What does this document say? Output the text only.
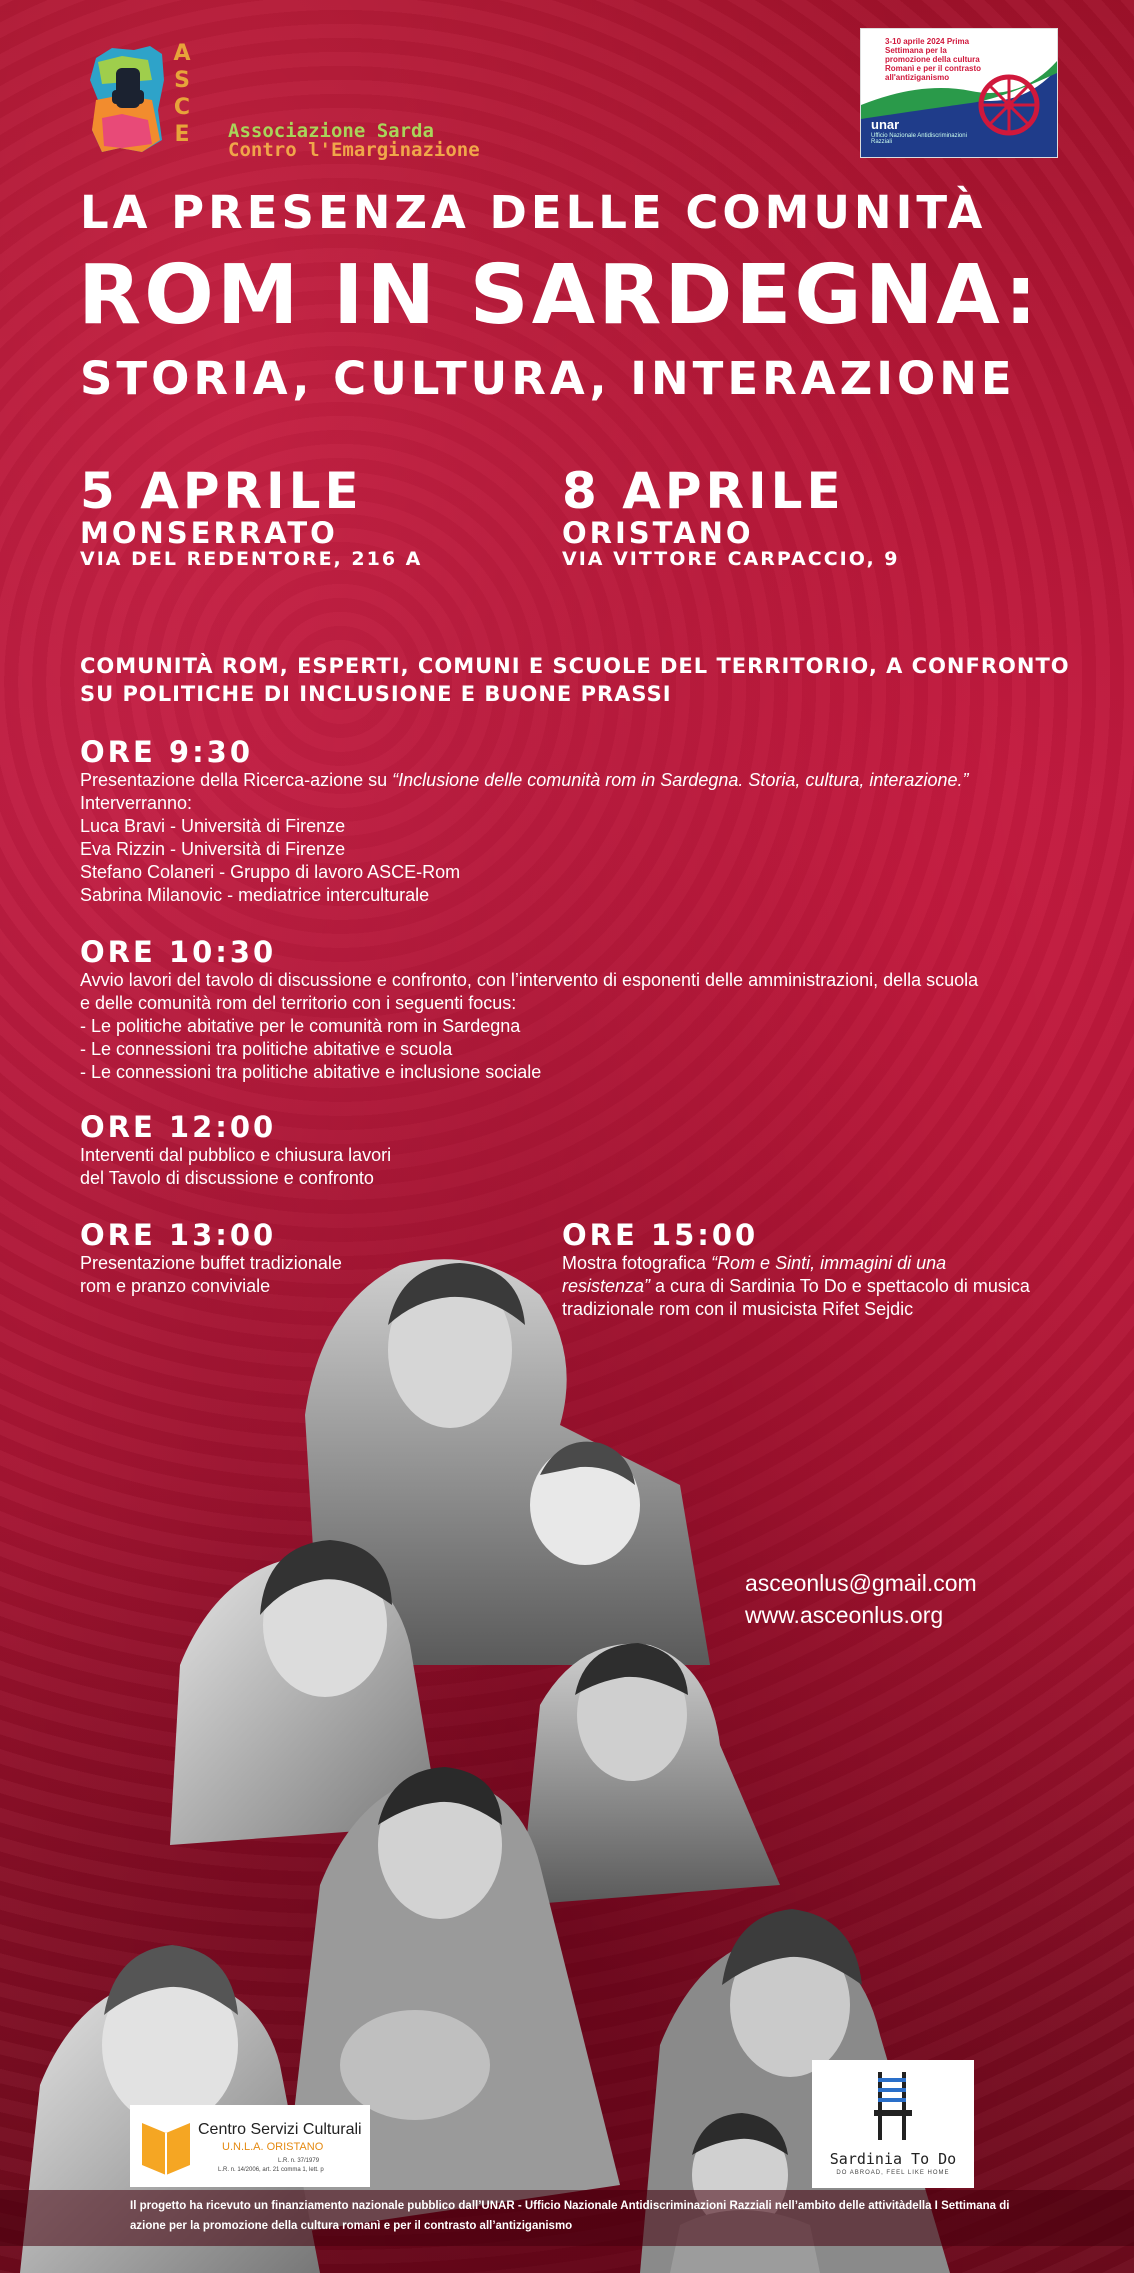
A
S
C
E Associazione Sarda
Contro l'Emarginazione
3-10 aprile 2024 Prima Settimana per la promozione della cultura Romanì e per il contrasto all'antiziganismo
unar
Ufficio Nazionale Antidiscriminazioni Razziali
LA PRESENZA DELLE COMUNITÀ
ROM IN SARDEGNA:
STORIA, CULTURA, INTERAZIONE
5 APRILE
MONSERRATO
VIA DEL REDENTORE, 216 A
8 APRILE
ORISTANO
VIA VITTORE CARPACCIO, 9
COMUNITÀ ROM, ESPERTI, COMUNI E SCUOLE DEL TERRITORIO, A CONFRONTO SU POLITICHE DI INCLUSIONE E BUONE PRASSI
ORE 9:30
Presentazione della Ricerca-azione su “Inclusione delle comunità rom in Sardegna. Storia, cultura, interazione.”
Interverranno:
Luca Bravi - Università di Firenze
Eva Rizzin - Università di Firenze
Stefano Colaneri - Gruppo di lavoro ASCE-Rom
Sabrina Milanovic - mediatrice interculturale
ORE 10:30
Avvio lavori del tavolo di discussione e confronto, con l’intervento di esponenti delle amministrazioni, della scuola
e delle comunità rom del territorio con i seguenti focus:
- Le politiche abitative per le comunità rom in Sardegna
- Le connessioni tra politiche abitative e scuola
- Le connessioni tra politiche abitative e inclusione sociale
ORE 12:00
Interventi dal pubblico e chiusura lavori
del Tavolo di discussione e confronto
ORE 13:00
Presentazione buffet tradizionale
rom e pranzo conviviale
ORE 15:00
Mostra fotografica “Rom e Sinti, immagini di una
resistenza” a cura di Sardinia To Do e spettacolo di musica
tradizionale rom con il musicista Rifet Sejdic
asceonlus@gmail.com
www.asceonlus.org
Centro Servizi Culturali
U.N.L.A. ORISTANO
L.R. n. 37/1979
L.R. n. 14/2006, art. 21 comma 1, lett. p
Sardinia To Do
DO ABROAD, FEEL LIKE HOME

Il progetto ha ricevuto un finanziamento nazionale pubblico dall’UNAR - Ufficio Nazionale Antidiscriminazioni Razziali nell’ambito delle attivitàdella I Settimana di azione per la promozione della cultura romanì e per il contrasto all’antiziganismo
